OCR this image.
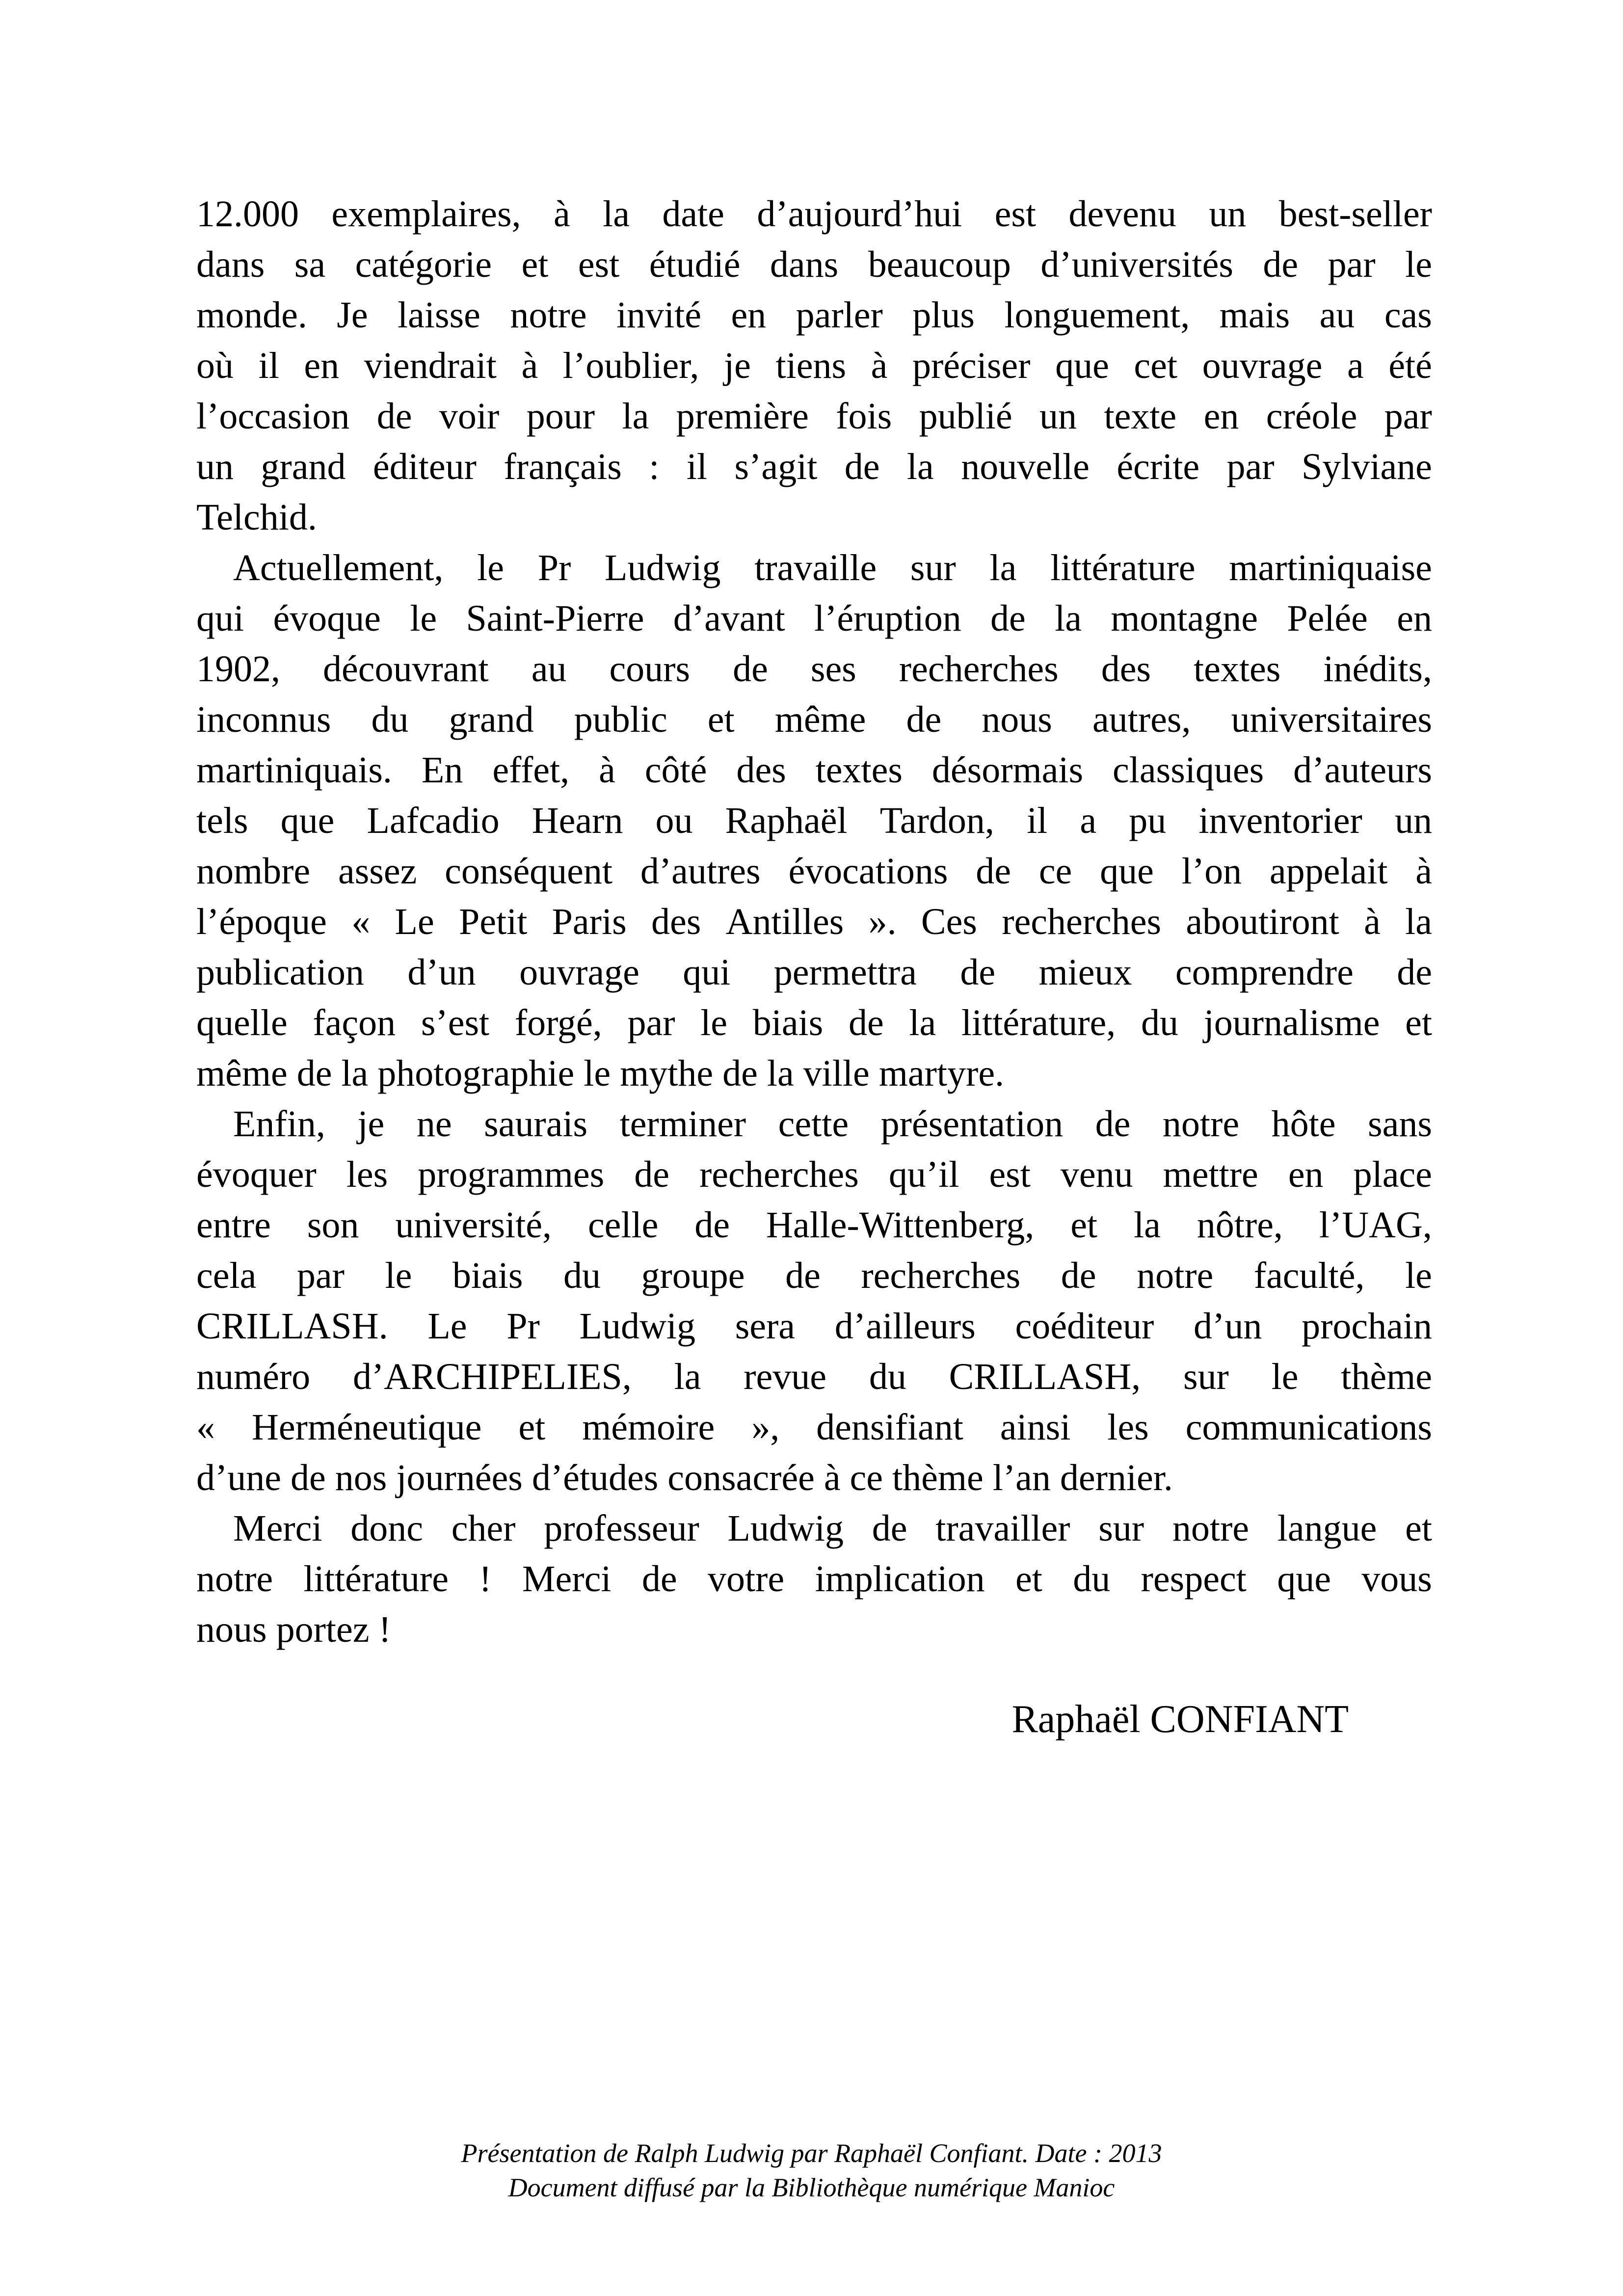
12.000 exemplaires, à la date d’aujourd’hui est devenu un best-seller
dans sa catégorie et est étudié dans beaucoup d’universités de par le
monde. Je laisse notre invité en parler plus longuement, mais au cas
où il en viendrait à l’oublier, je tiens à préciser que cet ouvrage a été
l’occasion de voir pour la première fois publié un texte en créole par
un grand éditeur français : il s’agit de la nouvelle écrite par Sylviane
Telchid.
Actuellement, le Pr Ludwig travaille sur la littérature martiniquaise
qui évoque le Saint-Pierre d’avant l’éruption de la montagne Pelée en
1902, découvrant au cours de ses recherches des textes inédits,
inconnus du grand public et même de nous autres, universitaires
martiniquais. En effet, à côté des textes désormais classiques d’auteurs
tels que Lafcadio Hearn ou Raphaël Tardon, il a pu inventorier un
nombre assez conséquent d’autres évocations de ce que l’on appelait à
l’époque « Le Petit Paris des Antilles ». Ces recherches aboutiront à la
publication d’un ouvrage qui permettra de mieux comprendre de
quelle façon s’est forgé, par le biais de la littérature, du journalisme et
même de la photographie le mythe de la ville martyre.
Enfin, je ne saurais terminer cette présentation de notre hôte sans
évoquer les programmes de recherches qu’il est venu mettre en place
entre son université, celle de Halle-Wittenberg, et la nôtre, l’UAG,
cela par le biais du groupe de recherches de notre faculté, le
CRILLASH. Le Pr Ludwig sera d’ailleurs coéditeur d’un prochain
numéro d’ARCHIPELIES, la revue du CRILLASH, sur le thème
« Herméneutique et mémoire », densifiant ainsi les communications
d’une de nos journées d’études consacrée à ce thème l’an dernier.
Merci donc cher professeur Ludwig de travailler sur notre langue et
notre littérature ! Merci de votre implication et du respect que vous
nous portez !
Raphaël CONFIANT
Présentation de Ralph Ludwig par Raphaël Confiant. Date : 2013
Document diffusé par la Bibliothèque numérique Manioc
